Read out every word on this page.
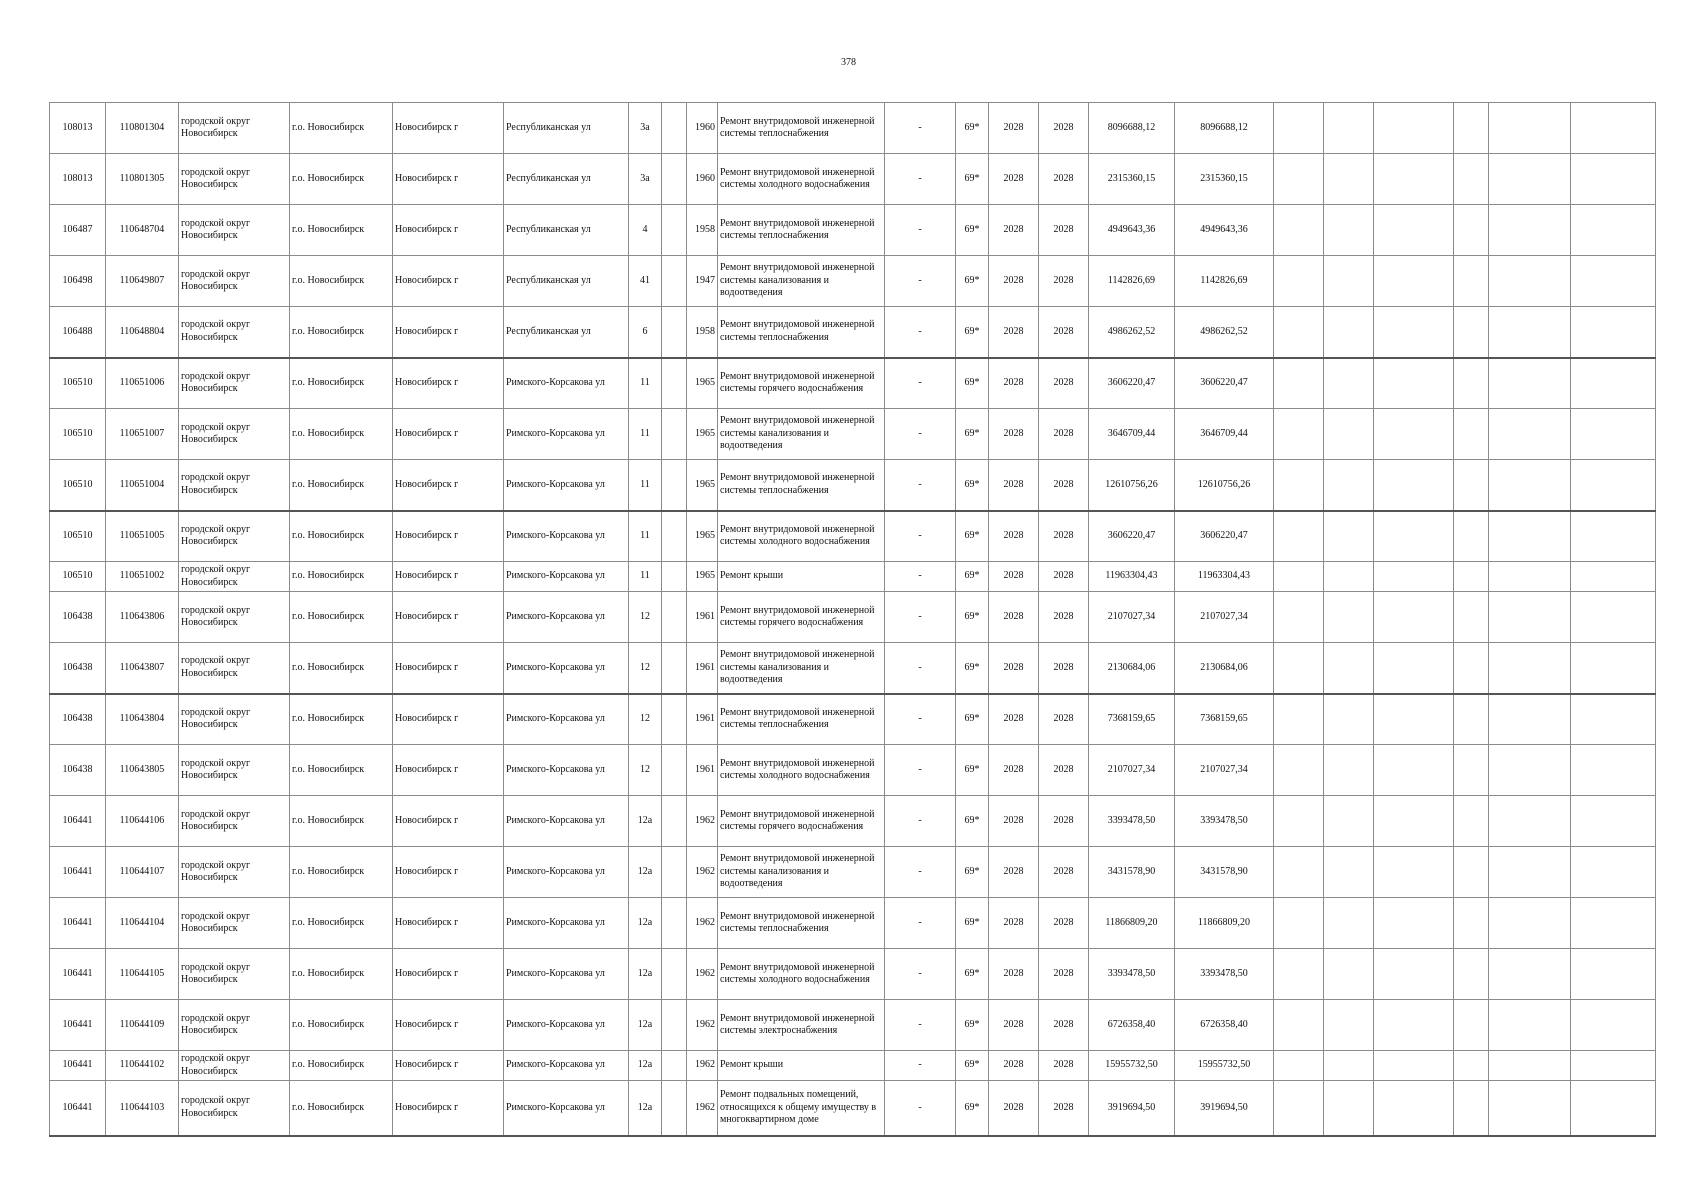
378
108013	110801304	городской округ Новосибирск	г.о. Новосибирск	Новосибирск г	Республиканская ул	3а		1960	Ремонт внутридомовой инженерной системы теплоснабжения	-	69*	2028	2028	8096688,12	8096688,12						
108013	110801305	городской округ Новосибирск	г.о. Новосибирск	Новосибирск г	Республиканская ул	3а		1960	Ремонт внутридомовой инженерной системы холодного водоснабжения	-	69*	2028	2028	2315360,15	2315360,15						
106487	110648704	городской округ Новосибирск	г.о. Новосибирск	Новосибирск г	Республиканская ул	4		1958	Ремонт внутридомовой инженерной системы теплоснабжения	-	69*	2028	2028	4949643,36	4949643,36						
106498	110649807	городской округ Новосибирск	г.о. Новосибирск	Новосибирск г	Республиканская ул	41		1947	Ремонт внутридомовой инженерной системы канализования и водоотведения	-	69*	2028	2028	1142826,69	1142826,69						
106488	110648804	городской округ Новосибирск	г.о. Новосибирск	Новосибирск г	Республиканская ул	6		1958	Ремонт внутридомовой инженерной системы теплоснабжения	-	69*	2028	2028	4986262,52	4986262,52						
106510	110651006	городской округ Новосибирск	г.о. Новосибирск	Новосибирск г	Римского-Корсакова ул	11		1965	Ремонт внутридомовой инженерной системы горячего водоснабжения	-	69*	2028	2028	3606220,47	3606220,47						
106510	110651007	городской округ Новосибирск	г.о. Новосибирск	Новосибирск г	Римского-Корсакова ул	11		1965	Ремонт внутридомовой инженерной системы канализования и водоотведения	-	69*	2028	2028	3646709,44	3646709,44						
106510	110651004	городской округ Новосибирск	г.о. Новосибирск	Новосибирск г	Римского-Корсакова ул	11		1965	Ремонт внутридомовой инженерной системы теплоснабжения	-	69*	2028	2028	12610756,26	12610756,26						
106510	110651005	городской округ Новосибирск	г.о. Новосибирск	Новосибирск г	Римского-Корсакова ул	11		1965	Ремонт внутридомовой инженерной системы холодного водоснабжения	-	69*	2028	2028	3606220,47	3606220,47						
106510	110651002	городской округ Новосибирск	г.о. Новосибирск	Новосибирск г	Римского-Корсакова ул	11		1965	Ремонт крыши	-	69*	2028	2028	11963304,43	11963304,43						
106438	110643806	городской округ Новосибирск	г.о. Новосибирск	Новосибирск г	Римского-Корсакова ул	12		1961	Ремонт внутридомовой инженерной системы горячего водоснабжения	-	69*	2028	2028	2107027,34	2107027,34						
106438	110643807	городской округ Новосибирск	г.о. Новосибирск	Новосибирск г	Римского-Корсакова ул	12		1961	Ремонт внутридомовой инженерной системы канализования и водоотведения	-	69*	2028	2028	2130684,06	2130684,06						
106438	110643804	городской округ Новосибирск	г.о. Новосибирск	Новосибирск г	Римского-Корсакова ул	12		1961	Ремонт внутридомовой инженерной системы теплоснабжения	-	69*	2028	2028	7368159,65	7368159,65						
106438	110643805	городской округ Новосибирск	г.о. Новосибирск	Новосибирск г	Римского-Корсакова ул	12		1961	Ремонт внутридомовой инженерной системы холодного водоснабжения	-	69*	2028	2028	2107027,34	2107027,34						
106441	110644106	городской округ Новосибирск	г.о. Новосибирск	Новосибирск г	Римского-Корсакова ул	12а		1962	Ремонт внутридомовой инженерной системы горячего водоснабжения	-	69*	2028	2028	3393478,50	3393478,50						
106441	110644107	городской округ Новосибирск	г.о. Новосибирск	Новосибирск г	Римского-Корсакова ул	12а		1962	Ремонт внутридомовой инженерной системы канализования и водоотведения	-	69*	2028	2028	3431578,90	3431578,90						
106441	110644104	городской округ Новосибирск	г.о. Новосибирск	Новосибирск г	Римского-Корсакова ул	12а		1962	Ремонт внутридомовой инженерной системы теплоснабжения	-	69*	2028	2028	11866809,20	11866809,20						
106441	110644105	городской округ Новосибирск	г.о. Новосибирск	Новосибирск г	Римского-Корсакова ул	12а		1962	Ремонт внутридомовой инженерной системы холодного водоснабжения	-	69*	2028	2028	3393478,50	3393478,50						
106441	110644109	городской округ Новосибирск	г.о. Новосибирск	Новосибирск г	Римского-Корсакова ул	12а		1962	Ремонт внутридомовой инженерной системы электроснабжения	-	69*	2028	2028	6726358,40	6726358,40						
106441	110644102	городской округ Новосибирск	г.о. Новосибирск	Новосибирск г	Римского-Корсакова ул	12а		1962	Ремонт крыши	-	69*	2028	2028	15955732,50	15955732,50						
106441	110644103	городской округ Новосибирск	г.о. Новосибирск	Новосибирск г	Римского-Корсакова ул	12а		1962	Ремонт подвальных помещений, относящихся к общему имуществу в многоквартирном доме	-	69*	2028	2028	3919694,50	3919694,50						
